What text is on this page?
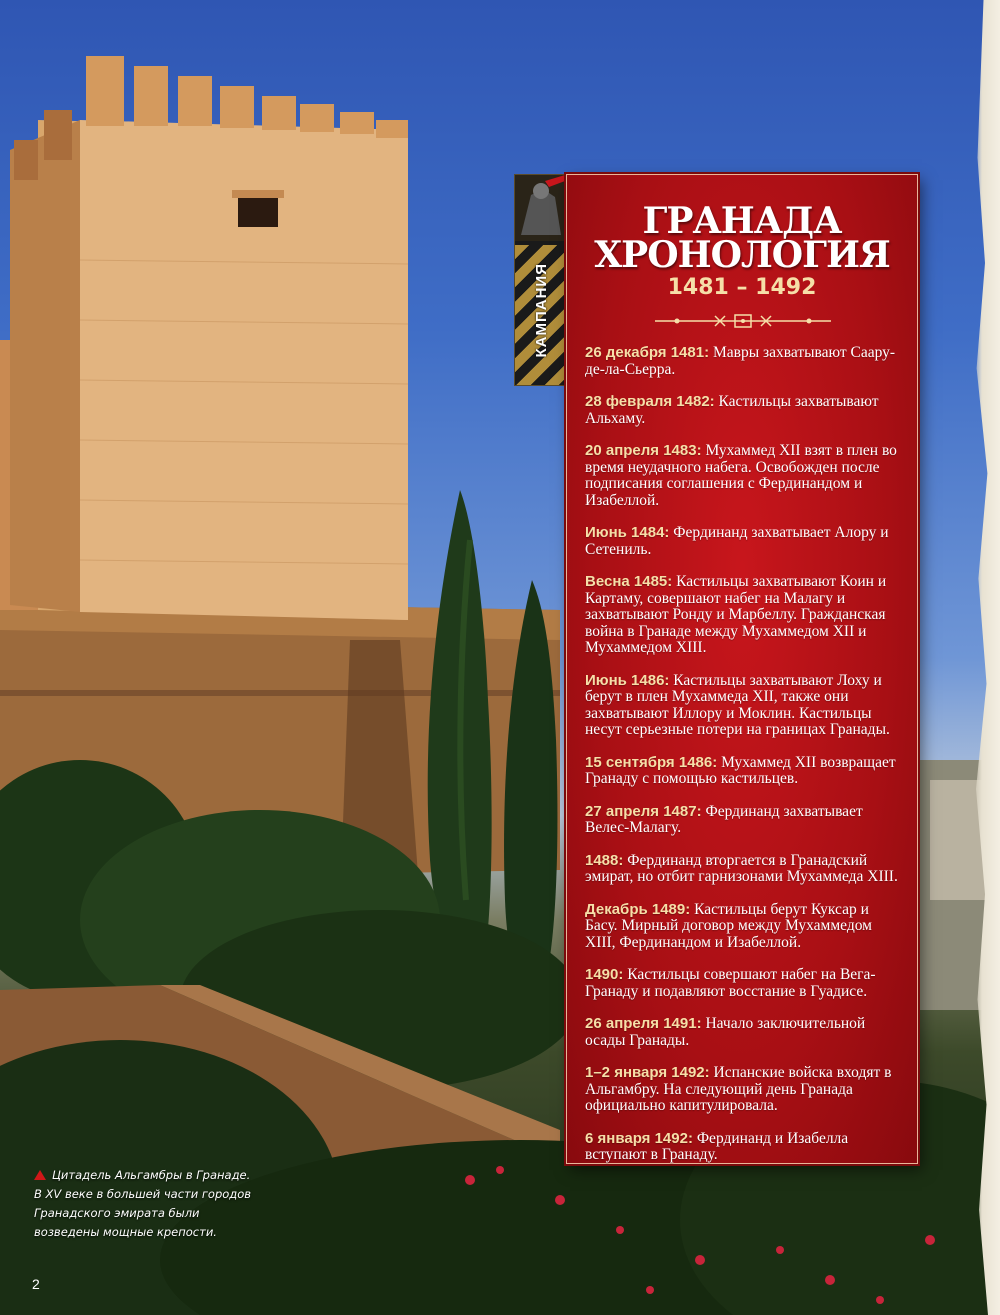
КАМПАНИЯ
ГРАНАДА
ХРОНОЛОГИЯ
1481 – 1492
26 декабря 1481: Мавры захватывают Саару-де-ла-Сьерра.
28 февраля 1482: Кастильцы захватывают Альхаму.
20 апреля 1483: Мухаммед XII взят в плен во время неудачного набега. Освобожден после подписания соглашения с Фердинандом и Изабеллой.
Июнь 1484: Фердинанд захватывает Алору и Сетениль.
Весна 1485: Кастильцы захватывают Коин и Картаму, совершают набег на Малагу и захватывают Ронду и Марбеллу. Гражданская война в Гранаде между Мухаммедом XII и Мухаммедом XIII.
Июнь 1486: Кастильцы захватывают Лоху и берут в плен Мухаммеда XII, также они захватывают Иллору и Моклин. Кастильцы несут серьезные потери на границах Гранады.
15 сентября 1486: Мухаммед XII возвращает Гранаду с помощью кастильцев.
27 апреля 1487: Фердинанд захватывает Велес-Малагу.
1488: Фердинанд вторгается в Гранадский эмират, но отбит гарнизонами Мухаммеда XIII.
Декабрь 1489: Кастильцы берут Куксар и Басу. Мирный договор между Мухаммедом XIII, Фердинандом и Изабеллой.
1490: Кастильцы совершают набег на Вега-Гранаду и подавляют восстание в Гуадисе.
26 апреля 1491: Начало заключительной осады Гранады.
1–2 января 1492: Испанские войска входят в Альгамбру. На следующий день Гранада официально капитулировала.
6 января 1492: Фердинанд и Изабелла вступают в Гранаду.
Цитадель Альгамбры в Гранаде. В XV веке в большей части городов Гранадского эмирата были возведены мощные крепости.
2
